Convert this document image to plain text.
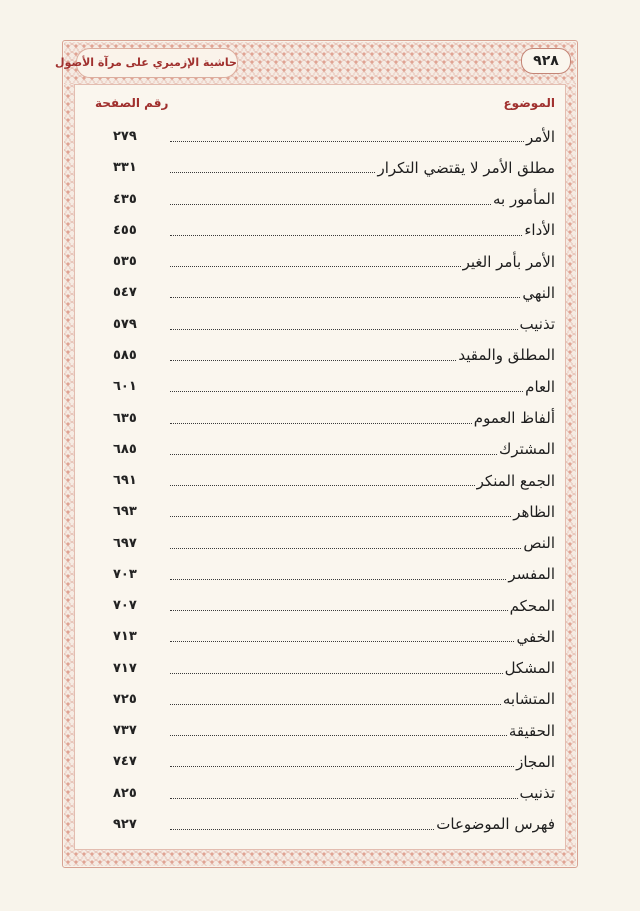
حاشية الإزميري على مرآة الأصول	٩٢٨
الموضوع
رقم الصفحة
الأمر
٢٧٩
مطلق الأمر لا يقتضي التكرار
٣٣١
المأمور به
٤٣٥
الأداء
٤٥٥
الأمر بأمر الغير
٥٣٥
النهي
٥٤٧
تذنيب
٥٧٩
المطلق والمقيد
٥٨٥
العام
٦٠١
ألفاظ العموم
٦٣٥
المشترك
٦٨٥
الجمع المنكر
٦٩١
الظاهر
٦٩٣
النص
٦٩٧
المفسر
٧٠٣
المحكم
٧٠٧
الخفي
٧١٣
المشكل
٧١٧
المتشابه
٧٢٥
الحقيقة
٧٣٧
المجاز
٧٤٧
تذنيب
٨٢٥
فهرس الموضوعات
٩٢٧
